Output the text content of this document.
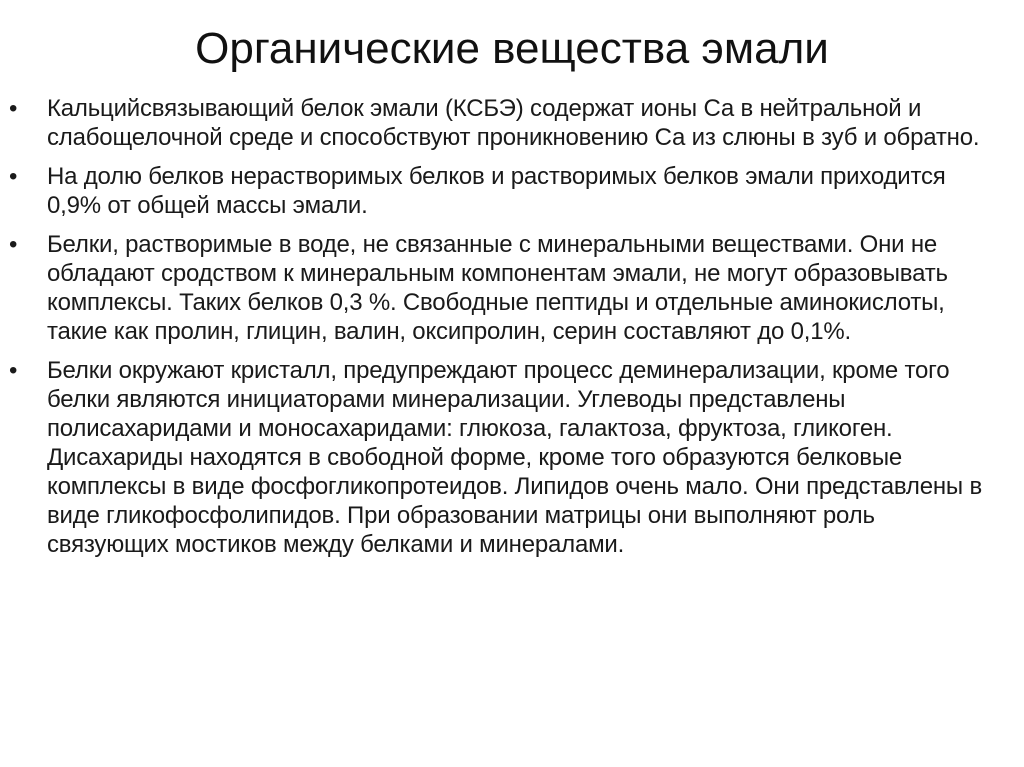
Органические вещества эмали
• Кальцийсвязывающий белок эмали (КСБЭ) содержат ионы Са в нейтральной и слабощелочной среде и способствуют проникновению Са из слюны в зуб и обратно.
• На долю белков нерастворимых белков и растворимых белков эмали приходится 0,9% от общей массы эмали.
• Белки, растворимые в воде, не связанные с минеральными веществами. Они не обладают сродством к минеральным компонентам эмали, не могут образовывать комплексы. Таких белков 0,3 %. Свободные пептиды и отдельные аминокислоты, такие как пролин, глицин, валин, оксипролин, серин составляют до 0,1%.
• Белки окружают кристалл, предупреждают процесс деминерализации, кроме того белки являются инициаторами минерализации. Углеводы представлены полисахаридами и моносахаридами: глюкоза, галактоза, фруктоза, гликоген. Дисахариды находятся в свободной форме, кроме того образуются белковые комплексы в виде фосфогликопротеидов. Липидов очень мало. Они представлены в виде гликофосфолипидов. При образовании матрицы они выполняют роль связующих мостиков между белками и минералами.
